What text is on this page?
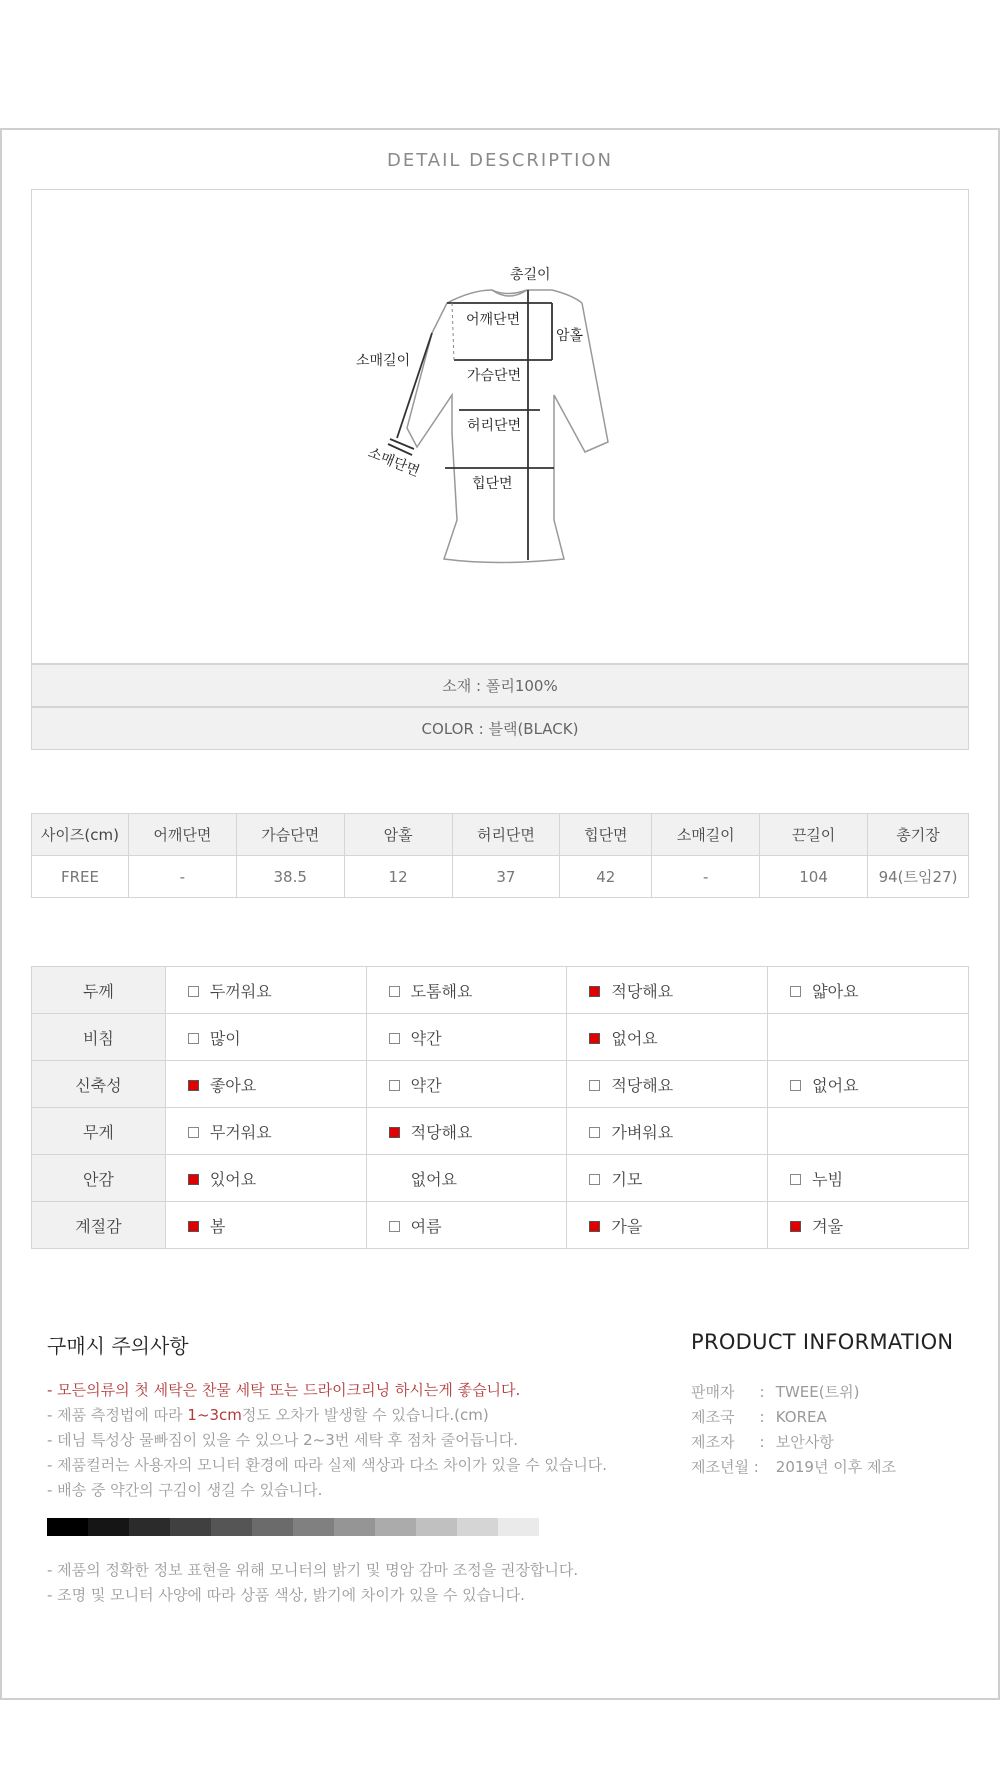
DETAIL DESCRIPTION
총길이
어깨단면
암홀
소매길이
가슴단면
허리단면
소매단면
힙단면
소재 : 폴리100%
COLOR : 블랙(BLACK)
사이즈(cm)	어깨단면	가슴단면	암홀	허리단면	힙단면	소매길이	끈길이	총기장
FREE	-	38.5	12	37	42	-	104	94(트임27)
두께	두꺼워요	도톰해요	적당해요	얇아요
비침	많이	약간	없어요	
신축성	좋아요	약간	적당해요	없어요
무게	무거워요	적당해요	가벼워요	
안감	있어요	없어요	기모	누빔
계절감	봄	여름	가을	겨울
구매시 주의사항
- 모든의류의 첫 세탁은 찬물 세탁 또는 드라이크리닝 하시는게 좋습니다.
- 제품 측정법에 따라 1~3cm정도 오차가 발생할 수 있습니다.(cm)
- 데님 특성상 물빠짐이 있을 수 있으나 2~3번 세탁 후 점차 줄어듭니다.
- 제품컬러는 사용자의 모니터 환경에 따라 실제 색상과 다소 차이가 있을 수 있습니다.
- 배송 중 약간의 구김이 생길 수 있습니다.
- 제품의 정확한 정보 표현을 위해 모니터의 밝기 및 명암 감마 조정을 권장합니다.
- 조명 및 모니터 사양에 따라 상품 색상, 밝기에 차이가 있을 수 있습니다.
PRODUCT INFORMATION
판매자 : TWEE(트위)
제조국 : KOREA
제조자 : 보안사항
제조년월 : 2019년 이후 제조
